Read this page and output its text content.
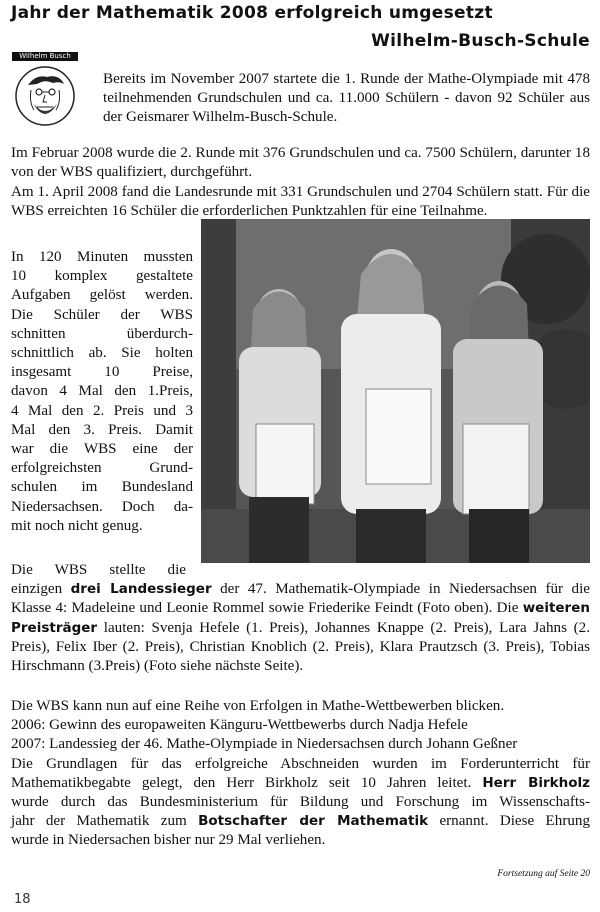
Jahr der Mathematik 2008 erfolgreich umgesetzt
Wilhelm-Busch-Schule
Wilhelm Busch
Bereits im November 2007 startete die 1. Runde der Mathe-Olympiade mit 478 teilnehmenden Grundschulen und ca. 11.000 Schülern - davon 92 Schüler aus der Geismarer Wilhelm-Busch-Schule.
Im Februar 2008 wurde die 2. Runde mit 376 Grundschulen und ca. 7500 Schülern, darunter 18 von der WBS qualifiziert, durchgeführt.
Am 1. April 2008 fand die Landesrunde mit 331 Grundschulen und 2704 Schülern statt. Für die WBS erreichten 16 Schüler die erforderlichen Punktzahlen für eine Teilnahme.
In 120 Minuten mussten
10 komplex gestaltete
Aufgaben gelöst werden.
Die Schüler der WBS
schnitten überdurch-
schnittlich ab. Sie holten
insgesamt 10 Preise,
davon 4 Mal den 1.Preis,
4 Mal den 2. Preis und 3
Mal den 3. Preis. Damit
war die WBS eine der
erfolgreichsten Grund-
schulen im Bundesland
Niedersachsen. Doch da-
mit noch nicht genug.
Die WBS stellte die
einzigen drei Landessieger der 47. Mathematik-Olympiade in Niedersachsen für die Klasse 4: Madeleine und Leonie Rommel sowie Friederike Feindt (Foto oben). Die weiteren Preisträger lauten: Svenja Hefele (1. Preis), Johannes Knappe (2. Preis), Lara Jahns (2. Preis), Felix Iber (2. Preis), Christian Knoblich (2. Preis), Klara Prautzsch (3. Preis), Tobias Hirschmann (3.Preis) (Foto siehe nächste Seite).
Die WBS kann nun auf eine Reihe von Erfolgen in Mathe-Wettbewerben blicken.
2006: Gewinn des europaweiten Känguru-Wettbewerbs durch Nadja Hefele
2007: Landessieg der 46. Mathe-Olympiade in Niedersachsen durch Johann Geßner
Die Grundlagen für das erfolgreiche Abschneiden wurden im Forderunterricht für
Mathematikbegabte gelegt, den Herr Birkholz seit 10 Jahren leitet. Herr Birkholz
wurde durch das Bundesministerium für Bildung und Forschung im Wissenschafts-
jahr der Mathematik zum Botschafter der Mathematik ernannt. Diese Ehrung
wurde in Niedersachen bisher nur 29 Mal verliehen.
Fortsetzung auf Seite 20
18
